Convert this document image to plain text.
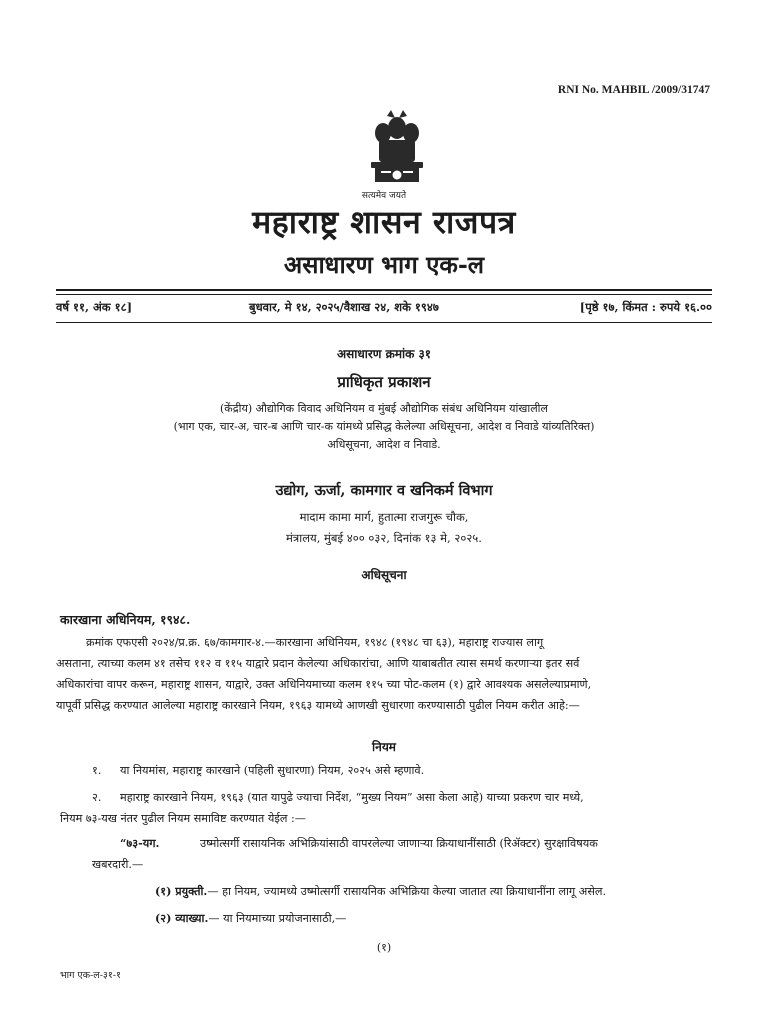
RNI No. MAHBIL /2009/31747
सत्यमेव जयते
महाराष्ट्र शासन राजपत्र
असाधारण भाग एक-ल
वर्ष ११, अंक १८]	बुधवार, मे १४, २०२५/वैशाख २४, शके १९४७	[पृष्ठे १७, किंमत : रुपये १६.००
असाधारण क्रमांक ३१
प्राधिकृत प्रकाशन
(केंद्रीय) औद्योगिक विवाद अधिनियम व मुंबई औद्योगिक संबंध अधिनियम यांखालील
(भाग एक, चार-अ, चार-ब आणि चार-क यांमध्ये प्रसिद्ध केलेल्या अधिसूचना, आदेश व निवाडे यांव्यतिरिक्त)
अधिसूचना, आदेश व निवाडे.
उद्योग, ऊर्जा, कामगार व खनिकर्म विभाग
मादाम कामा मार्ग, हुतात्मा राजगुरू चौक,
मंत्रालय, मुंबई ४०० ०३२, दिनांक १३ मे, २०२५.
अधिसूचना
कारखाना अधिनियम, १९४८.
क्रमांक एफएसी २०२४/प्र.क्र. ६७/कामगार-४.—कारखाना अधिनियम, १९४८ (१९४८ चा ६३), महाराष्ट्र राज्यास लागू
असताना, त्याच्या कलम ४१ तसेच ११२ व ११५ याद्वारे प्रदान केलेल्या अधिकारांचा, आणि याबाबतीत त्यास समर्थ करणाऱ्या इतर सर्व
अधिकारांचा वापर करून, महाराष्ट्र शासन, याद्वारे, उक्त अधिनियमाच्या कलम ११५ च्या पोट-कलम (१) द्वारे आवश्यक असलेल्याप्रमाणे,
यापूर्वी प्रसिद्ध करण्यात आलेल्या महाराष्ट्र कारखाने नियम, १९६३ यामध्ये आणखी सुधारणा करण्यासाठी पुढील नियम करीत आहे:—
नियम
१. या नियमांस, महाराष्ट्र कारखाने (पहिली सुधारणा) नियम, २०२५ असे म्हणावे.
२. महाराष्ट्र कारखाने नियम, १९६३ (यात यापुढे ज्याचा निर्देश, “मुख्य नियम” असा केला आहे) याच्या प्रकरण चार मध्ये,
नियम ७३-यख नंतर पुढील नियम समाविष्ट करण्यात येईल :—
“७३-यग.	उष्मोत्सर्गी रासायनिक अभिक्रियांसाठी वापरलेल्या जाणाऱ्या क्रियाधानींसाठी (रिॲक्टर) सुरक्षाविषयक
खबरदारी.—
(१) प्रयुक्ती.— हा नियम, ज्यामध्ये उष्मोत्सर्गी रासायनिक अभिक्रिया केल्या जातात त्या क्रियाधानींना लागू असेल.
(२) व्याख्या.— या नियमाच्या प्रयोजनासाठी,—
(१)
भाग एक-ल-३१-१
